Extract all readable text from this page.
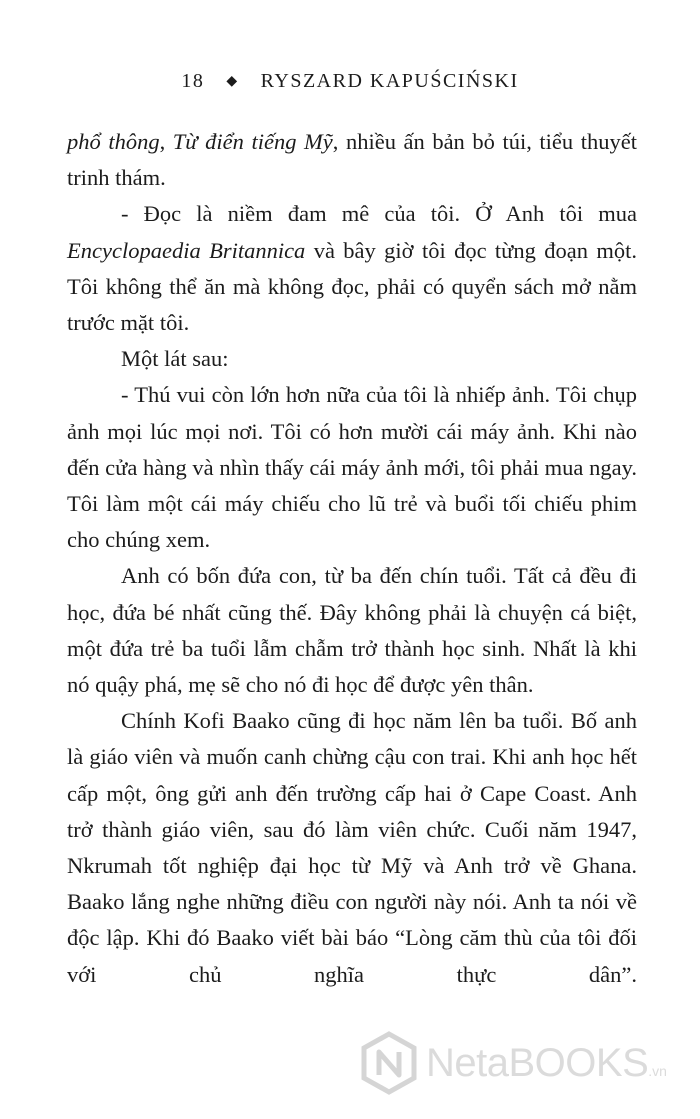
18 ◆ RYSZARD KAPUŚCIŃSKI

phổ thông, Từ điển tiếng Mỹ, nhiều ấn bản bỏ túi, tiểu thuyết trinh thám.

- Đọc là niềm đam mê của tôi. Ở Anh tôi mua Encyclopaedia Britannica và bây giờ tôi đọc từng đoạn một. Tôi không thể ăn mà không đọc, phải có quyển sách mở nằm trước mặt tôi.

Một lát sau:

- Thú vui còn lớn hơn nữa của tôi là nhiếp ảnh. Tôi chụp ảnh mọi lúc mọi nơi. Tôi có hơn mười cái máy ảnh. Khi nào đến cửa hàng và nhìn thấy cái máy ảnh mới, tôi phải mua ngay. Tôi làm một cái máy chiếu cho lũ trẻ và buổi tối chiếu phim cho chúng xem.

Anh có bốn đứa con, từ ba đến chín tuổi. Tất cả đều đi học, đứa bé nhất cũng thế. Đây không phải là chuyện cá biệt, một đứa trẻ ba tuổi lẫm chẫm trở thành học sinh. Nhất là khi nó quậy phá, mẹ sẽ cho nó đi học để được yên thân.

Chính Kofi Baako cũng đi học năm lên ba tuổi. Bố anh là giáo viên và muốn canh chừng cậu con trai. Khi anh học hết cấp một, ông gửi anh đến trường cấp hai ở Cape Coast. Anh trở thành giáo viên, sau đó làm viên chức. Cuối năm 1947, Nkrumah tốt nghiệp đại học từ Mỹ và Anh trở về Ghana. Baako lắng nghe những điều con người này nói. Anh ta nói về độc lập. Khi đó Baako viết bài báo “Lòng căm thù của tôi đối với chủ nghĩa thực dân”.

NetaBOOKS.vn
